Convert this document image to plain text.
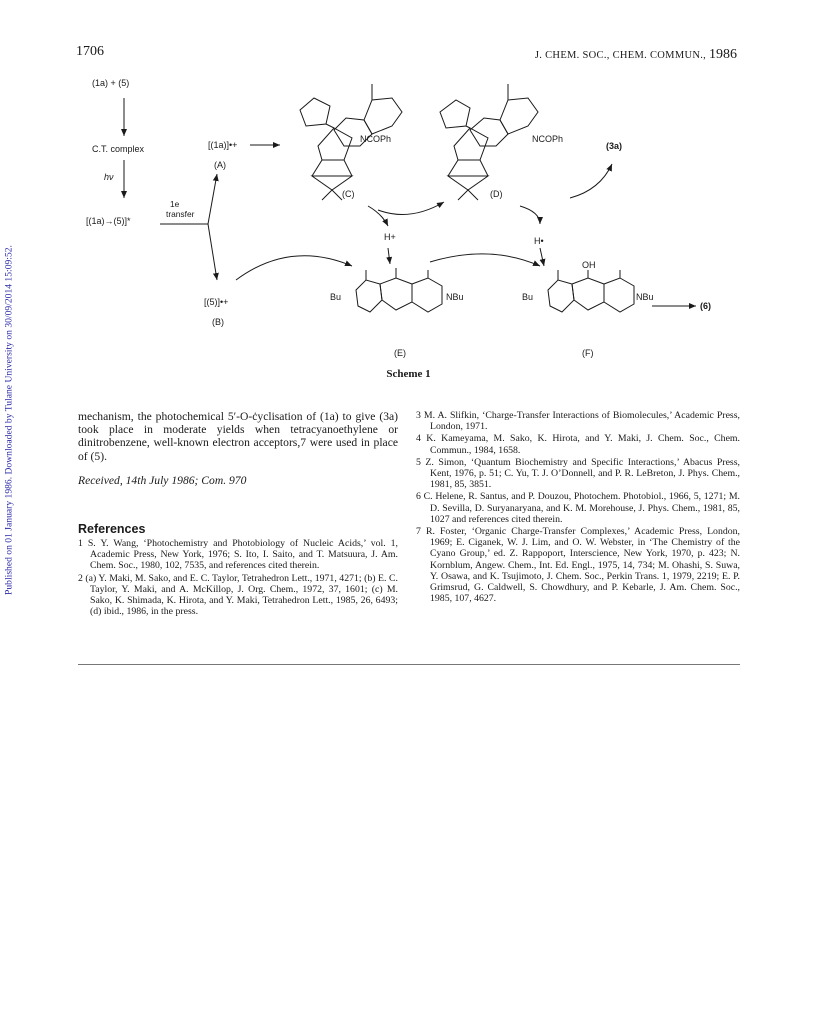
Published on 01 January 1986. Downloaded by Tulane University on 30/09/2014 15:09:52.
1706	J. CHEM. SOC., CHEM. COMMUN., 1986
(1a) + (5)
C.T. complex
hν
[(1a)→(5)]*
1e
transfer
[(1a)]•+
(A)
[(5)]•+
(B)
(C)	(D)
(3a)
H+	H•
NCOPh	NCOPh
NBu	NBu
Bu	Bu
OH
(E)	(F)
(6)
Scheme 1
mechanism, the photochemical 5′-O-ċyclisation of (1a) to give (3a) took place in moderate yields when tetracyanoethylene or dinitrobenzene, well-known electron acceptors,7 were used in place of (5).
Received, 14th July 1986; Com. 970
References
1 S. Y. Wang, ‘Photochemistry and Photobiology of Nucleic Acids,’ vol. 1, Academic Press, New York, 1976; S. Ito, I. Saito, and T. Matsuura, J. Am. Chem. Soc., 1980, 102, 7535, and references cited therein.
2 (a) Y. Maki, M. Sako, and E. C. Taylor, Tetrahedron Lett., 1971, 4271; (b) E. C. Taylor, Y. Maki, and A. McKillop, J. Org. Chem., 1972, 37, 1601; (c) M. Sako, K. Shimada, K. Hirota, and Y. Maki, Tetrahedron Lett., 1985, 26, 6493; (d) ibid., 1986, in the press.
3 M. A. Slifkin, ‘Charge-Transfer Interactions of Biomolecules,’ Academic Press, London, 1971.
4 K. Kameyama, M. Sako, K. Hirota, and Y. Maki, J. Chem. Soc., Chem. Commun., 1984, 1658.
5 Z. Simon, ‘Quantum Biochemistry and Specific Interactions,’ Abacus Press, Kent, 1976, p. 51; C. Yu, T. J. O’Donnell, and P. R. LeBreton, J. Phys. Chem., 1981, 85, 3851.
6 C. Helene, R. Santus, and P. Douzou, Photochem. Photobiol., 1966, 5, 1271; M. D. Sevilla, D. Suryanaryana, and K. M. Morehouse, J. Phys. Chem., 1981, 85, 1027 and references cited therein.
7 R. Foster, ‘Organic Charge-Transfer Complexes,’ Academic Press, London, 1969; E. Ciganek, W. J. Lim, and O. W. Webster, in ‘The Chemistry of the Cyano Group,’ ed. Z. Rappoport, Interscience, New York, 1970, p. 423; N. Kornblum, Angew. Chem., Int. Ed. Engl., 1975, 14, 734; M. Ohashi, S. Suwa, Y. Osawa, and K. Tsujimoto, J. Chem. Soc., Perkin Trans. 1, 1979, 2219; E. P. Grimsrud, G. Caldwell, S. Chowdhury, and P. Kebarle, J. Am. Chem. Soc., 1985, 107, 4627.
